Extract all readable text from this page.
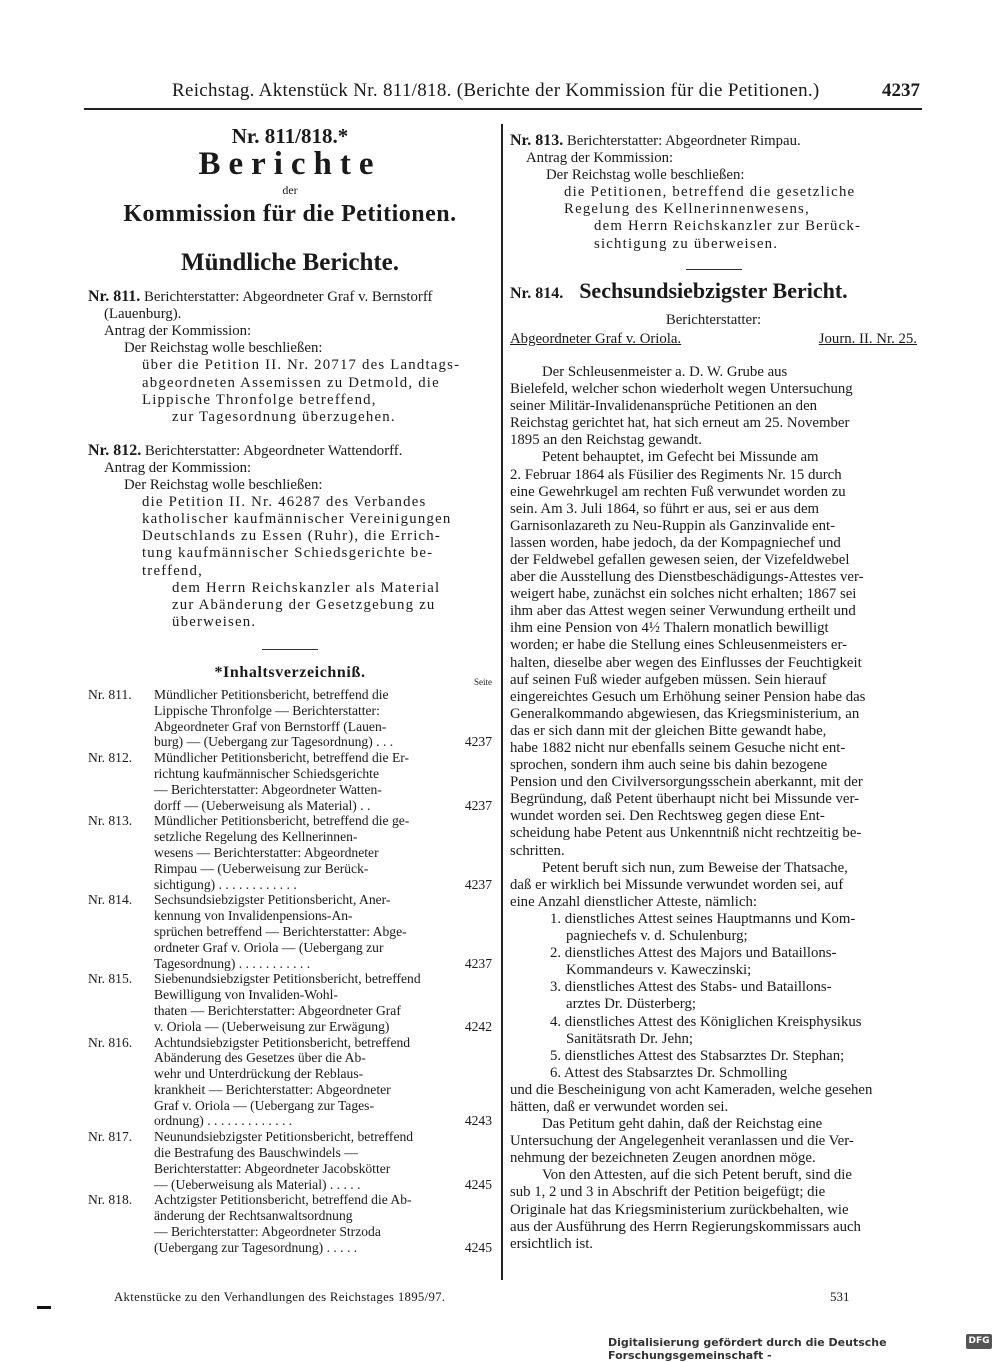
Reichstag. Aktenstück Nr. 811/818. (Berichte der Kommission für die Petitionen.)	4237

Nr. 811/818.*

Berichte

der

Kommission für die Petitionen.

Mündliche Berichte.

Nr. 811. Berichterstatter: Abgeordneter Graf v. Bernstorff

(Lauenburg).

Antrag der Kommission:

Der Reichstag wolle beschließen:

über die Petition II. Nr. 20717 des Landtags-

abgeordneten Assemissen zu Detmold, die

Lippische Thronfolge betreffend,

zur Tagesordnung überzugehen.

Nr. 812. Berichterstatter: Abgeordneter Wattendorff.

Antrag der Kommission:

Der Reichstag wolle beschließen:

die Petition II. Nr. 46287 des Verbandes

katholischer kaufmännischer Vereinigungen

Deutschlands zu Essen (Ruhr), die Errich-

tung kaufmännischer Schiedsgerichte be-

treffend,

dem Herrn Reichskanzler als Material

zur Abänderung der Gesetzgebung zu

überweisen.

*Inhaltsverzeichniß.

Seite

Nr. 811.	Mündlicher Petitionsbericht, betreffend die
Lippische Thronfolge — Berichterstatter:
Abgeordneter Graf von Bernstorff (Lauen-
burg) — (Uebergang zur Tagesordnung) . . .	4237
Nr. 812.	Mündlicher Petitionsbericht, betreffend die Er-
richtung kaufmännischer Schiedsgerichte
— Berichterstatter: Abgeordneter Watten-
dorff — (Ueberweisung als Material) . .	4237
Nr. 813.	Mündlicher Petitionsbericht, betreffend die ge-
setzliche Regelung des Kellnerinnen-
wesens — Berichterstatter: Abgeordneter
Rimpau — (Ueberweisung zur Berück-
sichtigung) . . . . . . . . . . . .	4237
Nr. 814.	Sechsundsiebzigster Petitionsbericht, Aner-
kennung von Invalidenpensions-An-
sprüchen betreffend — Berichterstatter: Abge-
ordneter Graf v. Oriola — (Uebergang zur
Tagesordnung) . . . . . . . . . . .	4237
Nr. 815.	Siebenundsiebzigster Petitionsbericht, betreffend
Bewilligung von Invaliden-Wohl-
thaten — Berichterstatter: Abgeordneter Graf
v. Oriola — (Ueberweisung zur Erwägung)	4242
Nr. 816.	Achtundsiebzigster Petitionsbericht, betreffend
Abänderung des Gesetzes über die Ab-
wehr und Unterdrückung der Reblaus-
krankheit — Berichterstatter: Abgeordneter
Graf v. Oriola — (Uebergang zur Tages-
ordnung) . . . . . . . . . . . . .	4243
Nr. 817.	Neunundsiebzigster Petitionsbericht, betreffend
die Bestrafung des Bauschwindels —
Berichterstatter: Abgeordneter Jacobskötter
— (Ueberweisung als Material) . . . . .	4245
Nr. 818.	Achtzigster Petitionsbericht, betreffend die Ab-
änderung der Rechtsanwaltsordnung
— Berichterstatter: Abgeordneter Strzoda
(Uebergang zur Tagesordnung) . . . . .	4245

Nr. 813. Berichterstatter: Abgeordneter Rimpau.

Antrag der Kommission:

Der Reichstag wolle beschließen:

die Petitionen, betreffend die gesetzliche

Regelung des Kellnerinnenwesens,

dem Herrn Reichskanzler zur Berück-

sichtigung zu überweisen.

Nr. 814. Sechsundsiebzigster Bericht.

Berichterstatter:

Abgeordneter Graf v. Oriola.	Journ. II. Nr. 25.

Der Schleusenmeister a. D. W. Grube aus

Bielefeld, welcher schon wiederholt wegen Untersuchung

seiner Militär-Invalidenansprüche Petitionen an den

Reichstag gerichtet hat, hat sich erneut am 25. November

1895 an den Reichstag gewandt.

Petent behauptet, im Gefecht bei Missunde am

2. Februar 1864 als Füsilier des Regiments Nr. 15 durch

eine Gewehrkugel am rechten Fuß verwundet worden zu

sein. Am 3. Juli 1864, so führt er aus, sei er aus dem

Garnisonlazareth zu Neu-Ruppin als Ganzinvalide ent-

lassen worden, habe jedoch, da der Kompagniechef und

der Feldwebel gefallen gewesen seien, der Vizefeldwebel

aber die Ausstellung des Dienstbeschädigungs-Attestes ver-

weigert habe, zunächst ein solches nicht erhalten; 1867 sei

ihm aber das Attest wegen seiner Verwundung ertheilt und

ihm eine Pension von 4½ Thalern monatlich bewilligt

worden; er habe die Stellung eines Schleusenmeisters er-

halten, dieselbe aber wegen des Einflusses der Feuchtigkeit

auf seinen Fuß wieder aufgeben müssen. Sein hierauf

eingereichtes Gesuch um Erhöhung seiner Pension habe das

Generalkommando abgewiesen, das Kriegsministerium, an

das er sich dann mit der gleichen Bitte gewandt habe,

habe 1882 nicht nur ebenfalls seinem Gesuche nicht ent-

sprochen, sondern ihm auch seine bis dahin bezogene

Pension und den Civilversorgungsschein aberkannt, mit der

Begründung, daß Petent überhaupt nicht bei Missunde ver-

wundet worden sei. Den Rechtsweg gegen diese Ent-

scheidung habe Petent aus Unkenntniß nicht rechtzeitig be-

schritten.

Petent beruft sich nun, zum Beweise der Thatsache,

daß er wirklich bei Missunde verwundet worden sei, auf

eine Anzahl dienstlicher Atteste, nämlich:

1. dienstliches Attest seines Hauptmanns und Kom-

pagniechefs v. d. Schulenburg;

2. dienstliches Attest des Majors und Bataillons-

Kommandeurs v. Kaweczinski;

3. dienstliches Attest des Stabs- und Bataillons-

arztes Dr. Düsterberg;

4. dienstliches Attest des Königlichen Kreisphysikus

Sanitätsrath Dr. Jehn;

5. dienstliches Attest des Stabsarztes Dr. Stephan;

6. Attest des Stabsarztes Dr. Schmolling

und die Bescheinigung von acht Kameraden, welche gesehen

hätten, daß er verwundet worden sei.

Das Petitum geht dahin, daß der Reichstag eine

Untersuchung der Angelegenheit veranlassen und die Ver-

nehmung der bezeichneten Zeugen anordnen möge.

Von den Attesten, auf die sich Petent beruft, sind die

sub 1, 2 und 3 in Abschrift der Petition beigefügt; die

Originale hat das Kriegsministerium zurückbehalten, wie

aus der Ausführung des Herrn Regierungskommissars auch

ersichtlich ist.

Aktenstücke zu den Verhandlungen des Reichstages 1895/97.	531
Digitalisierung gefördert durch die Deutsche Forschungsgemeinschaft -
DFG
